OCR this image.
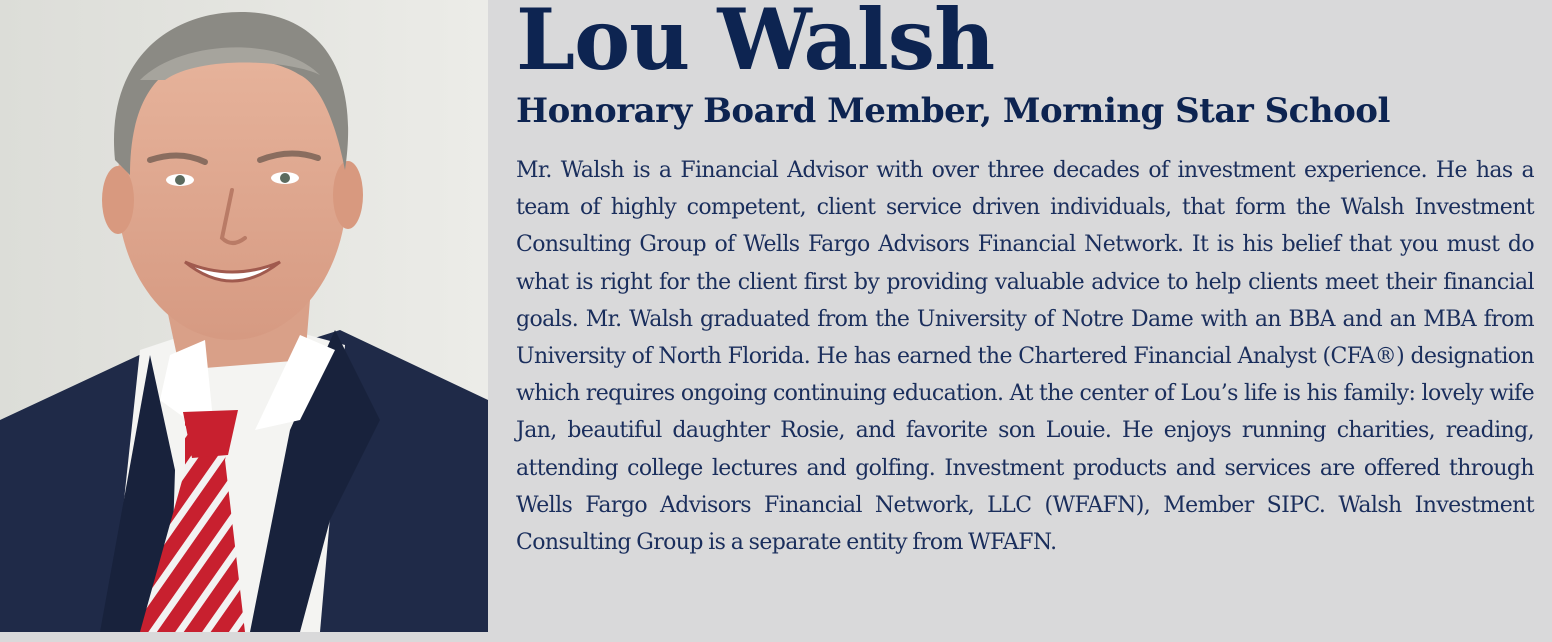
Lou Walsh
Honorary Board Member, Morning Star School

Mr. Walsh is a Financial Advisor with over three decades of investment experience. He has a team of highly competent, client service driven individuals, that form the Walsh Investment Consulting Group of Wells Fargo Advisors Financial Network. It is his belief that you must do what is right for the client first by providing valuable advice to help clients meet their financial goals. Mr. Walsh graduated from the University of Notre Dame with an BBA and an MBA from University of North Florida. He has earned the Chartered Financial Analyst (CFA®) designation which requires ongoing continuing education. At the center of Lou’s life is his family: lovely wife Jan, beautiful daughter Rosie, and favorite son Louie. He enjoys running charities, reading, attending college lectures and golfing. Investment products and services are offered through Wells Fargo Advisors Financial Network, LLC (WFAFN), Member SIPC. Walsh Investment Consulting Group is a separate entity from WFAFN.
